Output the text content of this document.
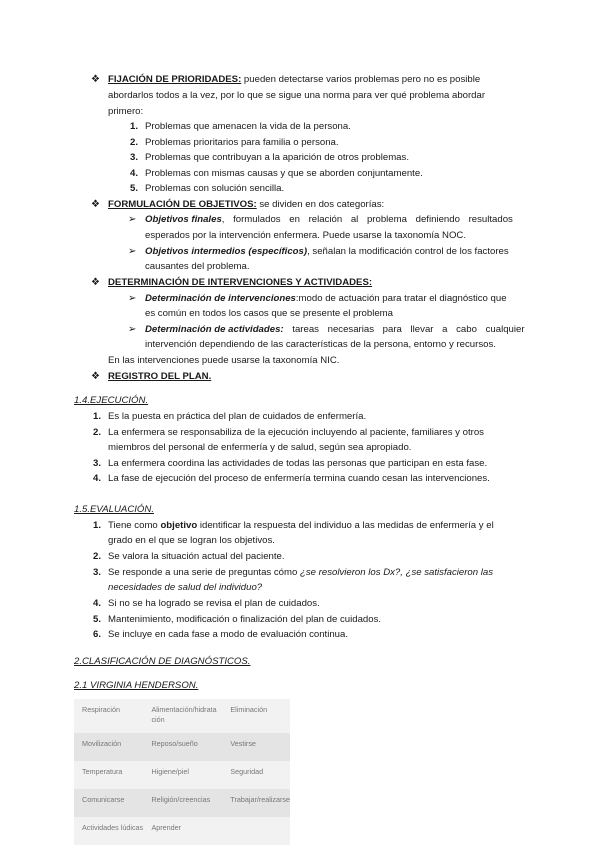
❖ FIJACIÓN DE PRIORIDADES: pueden detectarse varios problemas pero no es posible
abordarlos todos a la vez, por lo que se sigue una norma para ver qué problema abordar
primero:
1. Problemas que amenacen la vida de la persona.
2. Problemas prioritarios para familia o persona.
3. Problemas que contribuyan a la aparición de otros problemas.
4. Problemas con mismas causas y que se aborden conjuntamente.
5. Problemas con solución sencilla.
❖ FORMULACIÓN DE OBJETIVOS: se dividen en dos categorías:
➢ Objetivos finales, formulados en relación al problema definiendo resultados
esperados por la intervención enfermera. Puede usarse la taxonomía NOC.
➢ Objetivos intermedios (específicos), señalan la modificación control de los factores
causantes del problema.
❖ DETERMINACIÓN DE INTERVENCIONES Y ACTIVIDADES:
➢ Determinación de intervenciones:modo de actuación para tratar el diagnóstico que
es común en todos los casos que se presente el problema
➢ Determinación de actividades: tareas necesarias para llevar a cabo cualquier
intervención dependiendo de las características de la persona, entorno y recursos.
En las intervenciones puede usarse la taxonomía NIC.
❖ REGISTRO DEL PLAN.
1.4.EJECUCIÓN.
1. Es la puesta en práctica del plan de cuidados de enfermería.
2. La enfermera se responsabiliza de la ejecución incluyendo al paciente, familiares y otros
miembros del personal de enfermería y de salud, según sea apropiado.
3. La enfermera coordina las actividades de todas las personas que participan en esta fase.
4. La fase de ejecución del proceso de enfermería termina cuando cesan las intervenciones.
1.5.EVALUACIÓN.
1. Tiene como objetivo identificar la respuesta del individuo a las medidas de enfermería y el
grado en el que se logran los objetivos.
2. Se valora la situación actual del paciente.
3. Se responde a una serie de preguntas cómo ¿se resolvieron los Dx?, ¿se satisfacieron las
necesidades de salud del individuo?
4. Si no se ha logrado se revisa el plan de cuidados.
5. Mantenimiento, modificación o finalización del plan de cuidados.
6. Se incluye en cada fase a modo de evaluación continua.
2.CLASIFICACIÓN DE DIAGNÓSTICOS.
2.1 VIRGINIA HENDERSON.
Respiración	Alimentación/hidrata ción	Eliminación
Movilización	Reposo/sueño	Vestirse
Temperatura	Higiene/piel	Seguridad
Comunicarse	Religión/creencias	Trabajar/realizarse
Actividades lúdicas	Aprender	
